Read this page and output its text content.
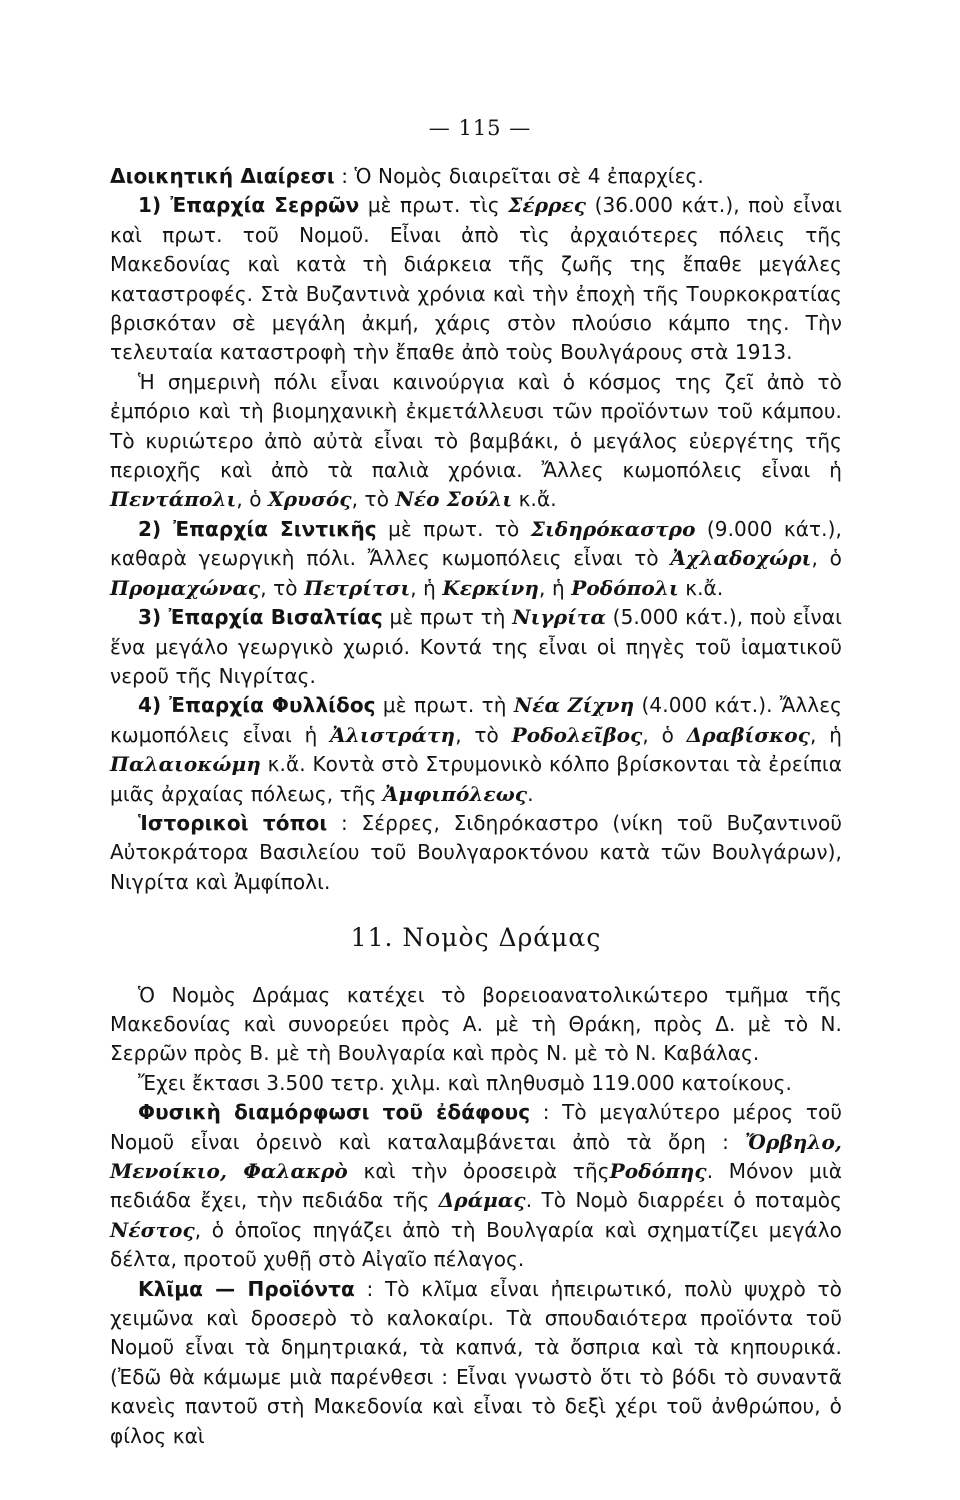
— 115 —

Διοικητική Διαίρεσι : Ὁ Νομὸς διαιρεῖται σὲ 4 ἐπαρχίες.

1) Ἐπαρχία Σερρῶν μὲ πρωτ. τὶς Σέρρες (36.000 κάτ.), ποὺ εἶναι καὶ πρωτ. τοῦ Νομοῦ. Εἶναι ἀπὸ τὶς ἀρχαιότερες πόλεις τῆς Μακεδονίας καὶ κατὰ τὴ διάρκεια τῆς ζωῆς της ἔπαθε μεγάλες καταστροφές. Στὰ Βυζαντινὰ χρόνια καὶ τὴν ἐποχὴ τῆς Τουρκοκρατίας βρισκόταν σὲ μεγάλη ἀκμή, χάρις στὸν πλούσιο κάμπο της. Τὴν τελευταία καταστροφὴ τὴν ἔπαθε ἀπὸ τοὺς Βουλγάρους στὰ 1913.

Ἡ σημερινὴ πόλι εἶναι καινούργια καὶ ὁ κόσμος της ζεῖ ἀπὸ τὸ ἐμπόριο καὶ τὴ βιομηχανικὴ ἐκμετάλλευσι τῶν προϊόντων τοῦ κάμπου. Τὸ κυριώτερο ἀπὸ αὐτὰ εἶναι τὸ βαμβάκι, ὁ μεγάλος εὐεργέτης τῆς περιοχῆς καὶ ἀπὸ τὰ παλιὰ χρόνια. Ἄλλες κωμοπόλεις εἶναι ἡ Πεντάπολι, ὁ Χρυσός, τὸ Νέο Σούλι κ.ἄ.

2) Ἐπαρχία Σιντικῆς μὲ πρωτ. τὸ Σιδηρόκαστρο (9.000 κάτ.), καθαρὰ γεωργικὴ πόλι. Ἄλλες κωμοπόλεις εἶναι τὸ Ἀχλαδοχώρι, ὁ Προμαχώνας, τὸ Πετρίτσι, ἡ Κερκίνη, ἡ Ροδόπολι κ.ἄ.

3) Ἐπαρχία Βισαλτίας μὲ πρωτ τὴ Νιγρίτα (5.000 κάτ.), ποὺ εἶναι ἕνα μεγάλο γεωργικὸ χωριό. Κοντά της εἶναι οἱ πηγὲς τοῦ ἰαματικοῦ νεροῦ τῆς Νιγρίτας.

4) Ἐπαρχία Φυλλίδος μὲ πρωτ. τὴ Νέα Ζίχνη (4.000 κάτ.). Ἄλλες κωμοπόλεις εἶναι ἡ Ἀλιστράτη, τὸ Ροδολεῖβος, ὁ Δραβίσκος, ἡ Παλαιοκώμη κ.ἄ. Κοντὰ στὸ Στρυμονικὸ κόλπο βρίσκονται τὰ ἐρείπια μιᾶς ἀρχαίας πόλεως, τῆς Ἀμφιπόλεως.

Ἱστορικοὶ τόποι : Σέρρες, Σιδηρόκαστρο (νίκη τοῦ Βυζαντινοῦ Αὐτοκράτορα Βασιλείου τοῦ Βουλγαροκτόνου κατὰ τῶν Βουλγάρων), Νιγρίτα καὶ Ἀμφίπολι.

11. Νομὸς Δράμας

Ὁ Νομὸς Δράμας κατέχει τὸ βορειοανατολικώτερο τμῆμα τῆς Μακεδονίας καὶ συνορεύει πρὸς Α. μὲ τὴ Θράκη, πρὸς Δ. μὲ τὸ Ν. Σερρῶν πρὸς Β. μὲ τὴ Βουλγαρία καὶ πρὸς Ν. μὲ τὸ Ν. Καβάλας.

Ἔχει ἔκτασι 3.500 τετρ. χιλμ. καὶ πληθυσμὸ 119.000 κατοίκους.

Φυσικὴ διαμόρφωσι τοῦ ἐδάφους : Τὸ μεγαλύτερο μέρος τοῦ Νομοῦ εἶναι ὀρεινὸ καὶ καταλαμβάνεται ἀπὸ τὰ ὄρη : Ὄρβηλο, Μενοίκιο, Φαλακρὸ καὶ τὴν ὀροσειρὰ τῆςΡοδόπης. Μόνον μιὰ πεδιάδα ἔχει, τὴν πεδιάδα τῆς Δράμας. Τὸ Νομὸ διαρρέει ὁ ποταμὸς Νέστος, ὁ ὁποῖος πηγάζει ἀπὸ τὴ Βουλγαρία καὶ σχηματίζει μεγάλο δέλτα, προτοῦ χυθῇ στὸ Αἰγαῖο πέλαγος.

Κλῖμα — Προϊόντα : Τὸ κλῖμα εἶναι ἠπειρωτικό, πολὺ ψυχρὸ τὸ χειμῶνα καὶ δροσερὸ τὸ καλοκαίρι. Τὰ σπουδαιότερα προϊόντα τοῦ Νομοῦ εἶναι τὰ δημητριακά, τὰ καπνά, τὰ ὄσπρια καὶ τὰ κηπουρικά. (Ἐδῶ θὰ κάμωμε μιὰ παρένθεσι : Εἶναι γνωστὸ ὅτι τὸ βόδι τὸ συναντᾶ κανεὶς παντοῦ στὴ Μακεδονία καὶ εἶναι τὸ δεξὶ χέρι τοῦ ἀνθρώπου, ὁ φίλος καὶ
